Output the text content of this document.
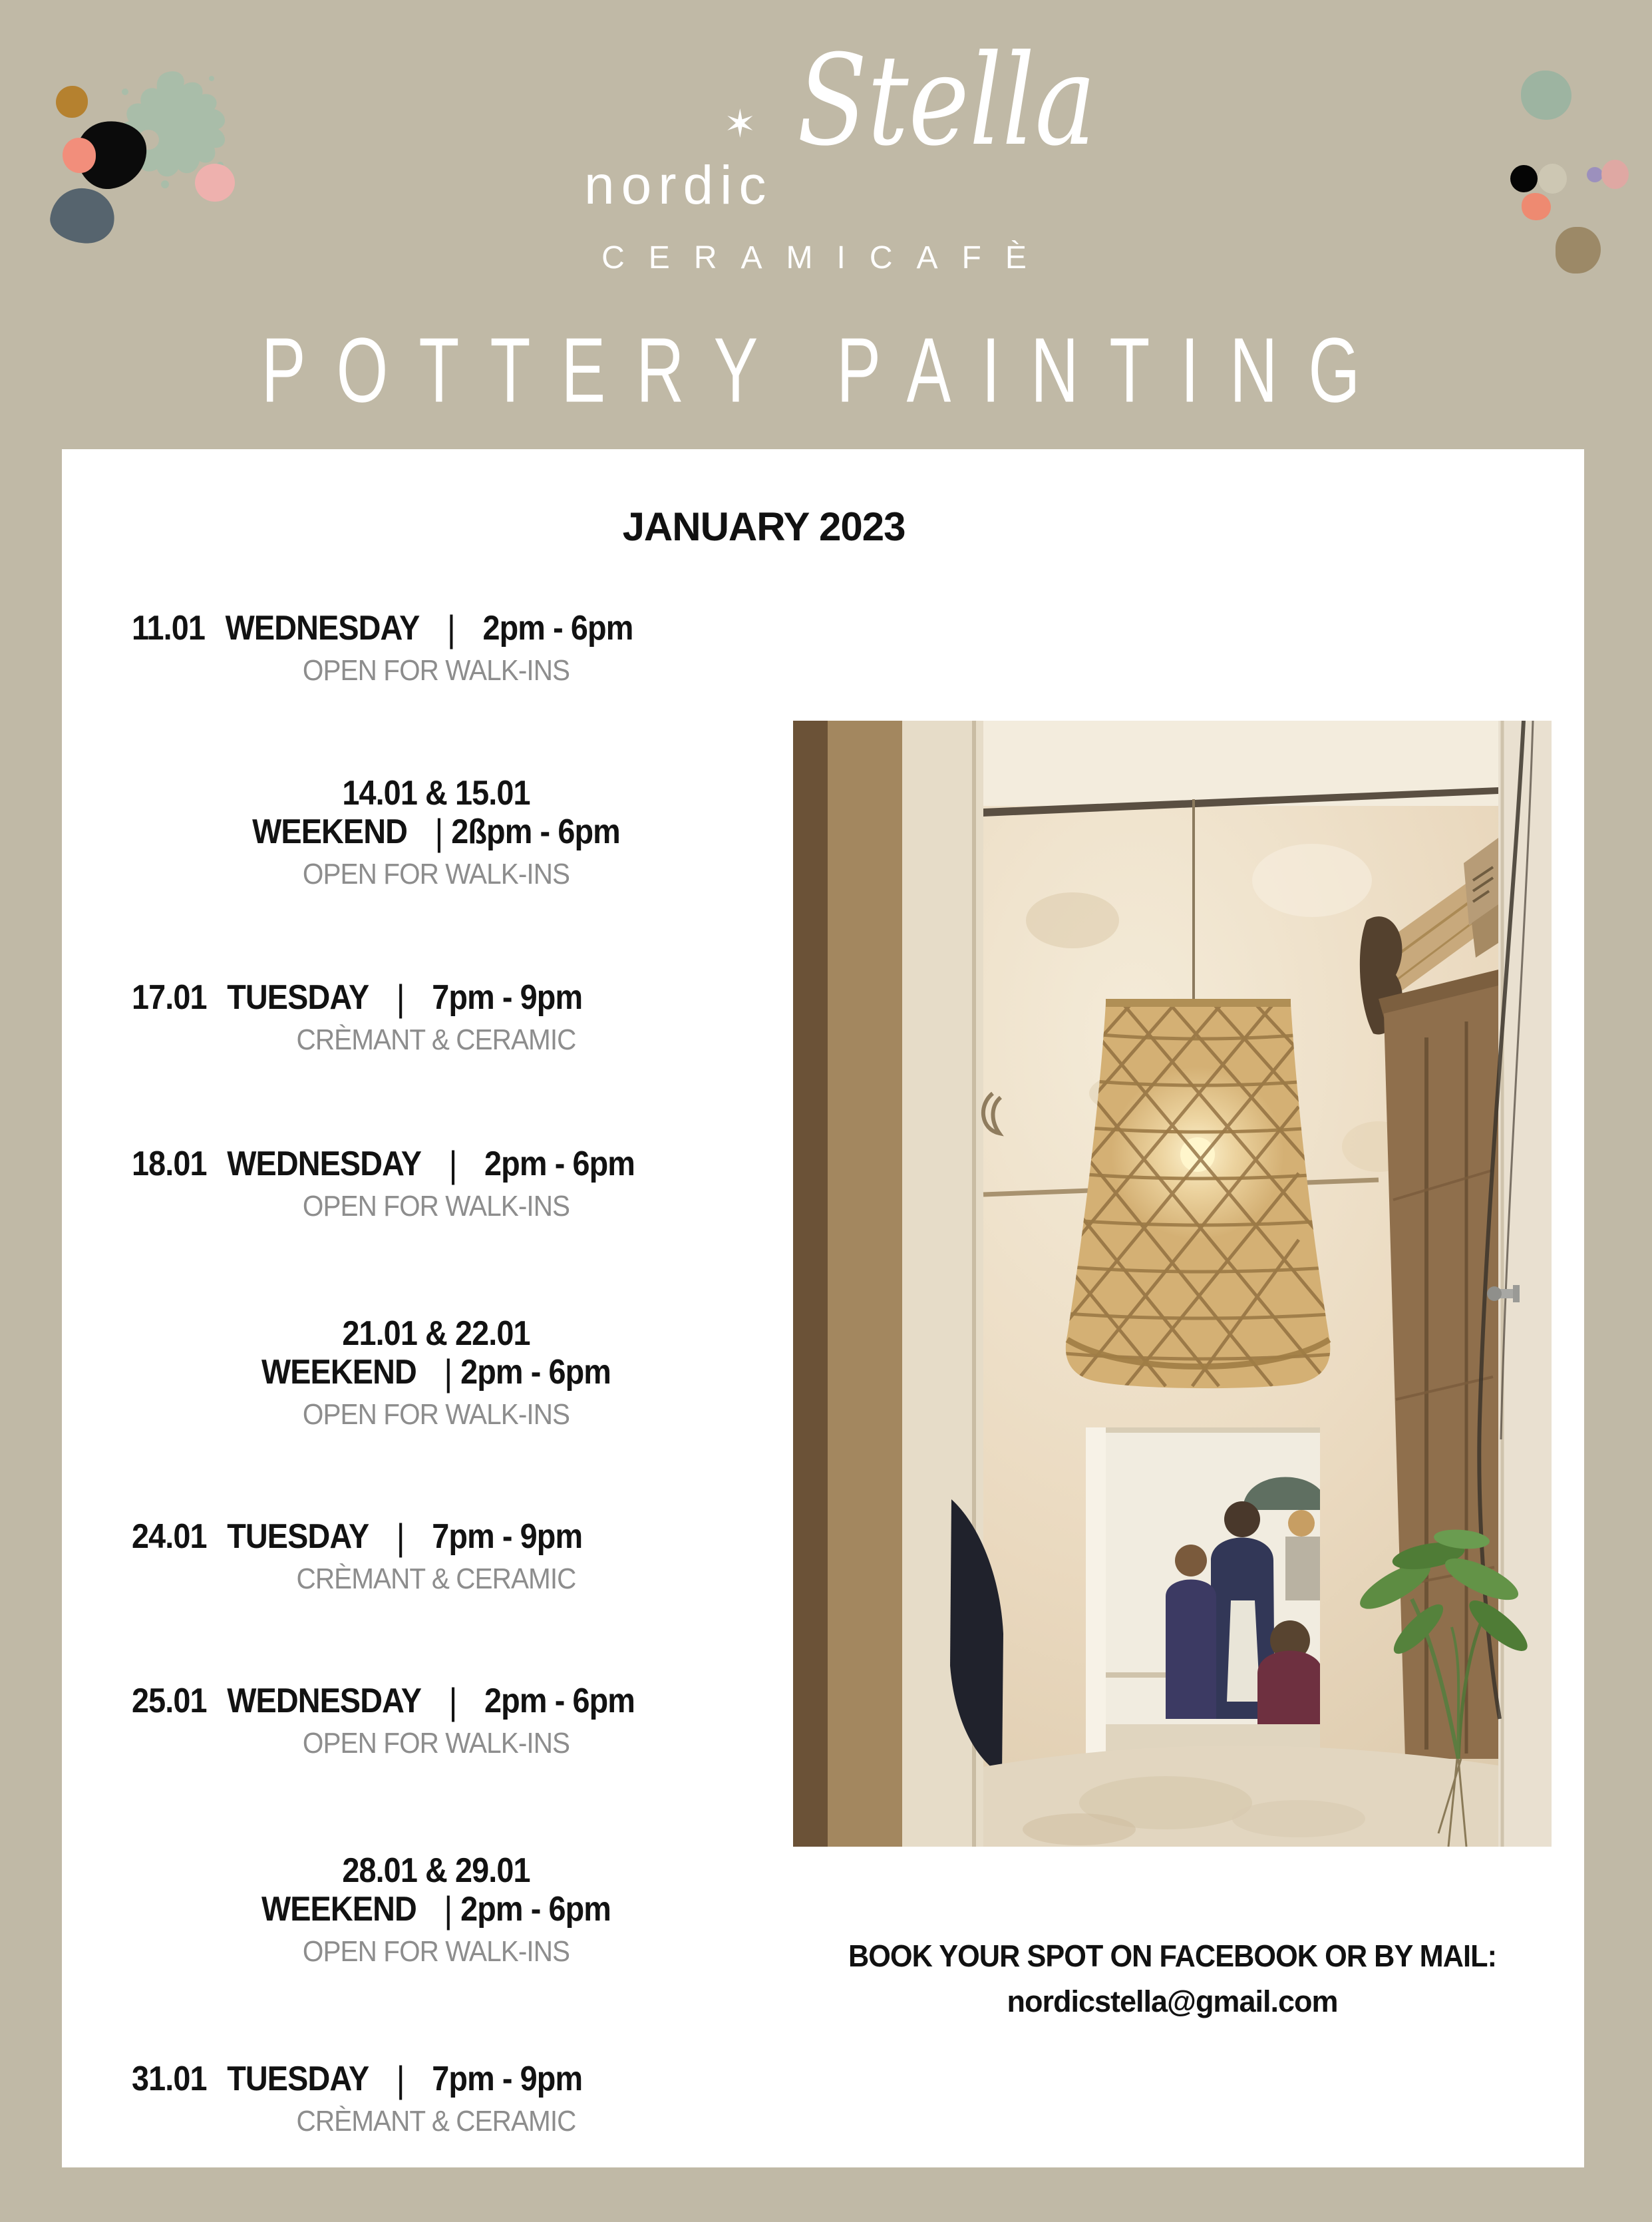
nordic
✶ Stella
CERAMICAFÈ
POTTERY PAINTING
JANUARY 2023
11.01 WEDNESDAY | 2pm - 6pm
OPEN FOR WALK-INS
14.01 & 15.01
WEEKEND | 2ßpm - 6pm
OPEN FOR WALK-INS
17.01 TUESDAY | 7pm - 9pm
CRÈMANT & CERAMIC
18.01 WEDNESDAY | 2pm - 6pm
OPEN FOR WALK-INS
21.01 & 22.01
WEEKEND | 2pm - 6pm
OPEN FOR WALK-INS
24.01 TUESDAY | 7pm - 9pm
CRÈMANT & CERAMIC
25.01 WEDNESDAY | 2pm - 6pm
OPEN FOR WALK-INS
28.01 & 29.01
WEEKEND | 2pm - 6pm
OPEN FOR WALK-INS
31.01 TUESDAY | 7pm - 9pm
CRÈMANT & CERAMIC
BOOK YOUR SPOT ON FACEBOOK OR BY MAIL:
nordicstella@gmail.com
